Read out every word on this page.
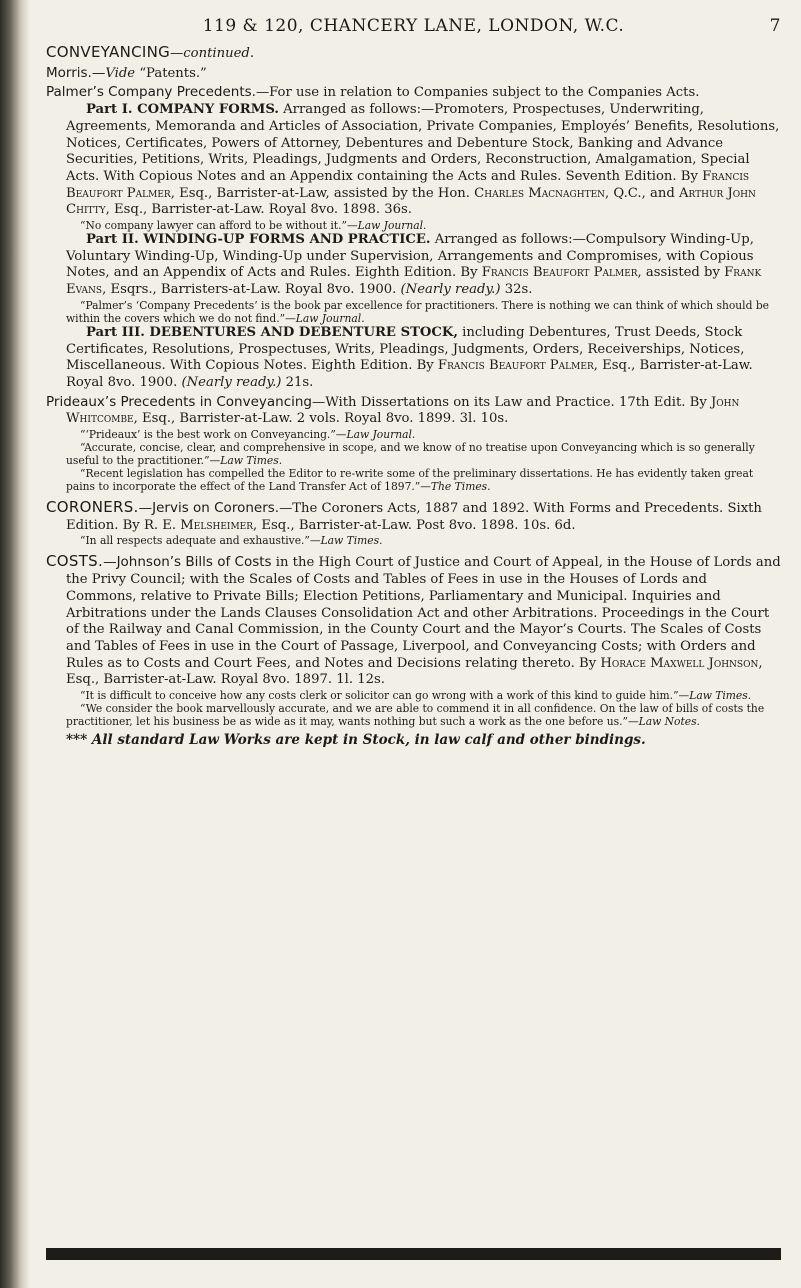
119 & 120, CHANCERY LANE, LONDON, W.C.	7

CONVEYANCING—continued.

Morris.—Vide “Patents.”

Palmer’s Company Precedents.—For use in relation to Companies subject to the Companies Acts.

Part I. COMPANY FORMS. Arranged as follows:—Promoters, Prospectuses, Underwriting, Agreements, Memoranda and Articles of Association, Private Companies, Employés’ Benefits, Resolutions, Notices, Certificates, Powers of Attorney, Debentures and Debenture Stock, Banking and Advance Securities, Petitions, Writs, Pleadings, Judgments and Orders, Reconstruction, Amalgamation, Special Acts. With Copious Notes and an Appendix containing the Acts and Rules. Seventh Edition. By Francis Beaufort Palmer, Esq., Barrister-at-Law, assisted by the Hon. Charles Macnaghten, Q.C., and Arthur John Chitty, Esq., Barrister-at-Law. Royal 8vo. 1898. 36s.

“No company lawyer can afford to be without it.”—Law Journal.

Part II. WINDING-UP FORMS AND PRACTICE. Arranged as follows:—Compulsory Winding-Up, Voluntary Winding-Up, Winding-Up under Supervision, Arrangements and Compromises, with Copious Notes, and an Appendix of Acts and Rules. Eighth Edition. By Francis Beaufort Palmer, assisted by Frank Evans, Esqrs., Barristers-at-Law. Royal 8vo. 1900. (Nearly ready.) 32s.

“Palmer’s ‘Company Precedents’ is the book par excellence for practitioners. There is nothing we can think of which should be within the covers which we do not find.”—Law Journal.

Part III. DEBENTURES AND DEBENTURE STOCK, including Debentures, Trust Deeds, Stock Certificates, Resolutions, Prospectuses, Writs, Pleadings, Judgments, Orders, Receiverships, Notices, Miscellaneous. With Copious Notes. Eighth Edition. By Francis Beaufort Palmer, Esq., Barrister-at-Law. Royal 8vo. 1900. (Nearly ready.) 21s.

Prideaux’s Precedents in Conveyancing—With Dissertations on its Law and Practice. 17th Edit. By John Whitcombe, Esq., Barrister-at-Law. 2 vols. Royal 8vo. 1899. 3l. 10s.

“‘Prideaux’ is the best work on Conveyancing.”—Law Journal.

“Accurate, concise, clear, and comprehensive in scope, and we know of no treatise upon Conveyancing which is so generally useful to the practitioner.”—Law Times.

“Recent legislation has compelled the Editor to re-write some of the preliminary dissertations. He has evidently taken great pains to incorporate the effect of the Land Transfer Act of 1897.”—The Times.

CORONERS.—Jervis on Coroners.—The Coroners Acts, 1887 and 1892. With Forms and Precedents. Sixth Edition. By R. E. Melsheimer, Esq., Barrister-at-Law. Post 8vo. 1898. 10s. 6d.

“In all respects adequate and exhaustive.”—Law Times.

COSTS.—Johnson’s Bills of Costs in the High Court of Justice and Court of Appeal, in the House of Lords and the Privy Council; with the Scales of Costs and Tables of Fees in use in the Houses of Lords and Commons, relative to Private Bills; Election Petitions, Parliamentary and Municipal. Inquiries and Arbitrations under the Lands Clauses Consolidation Act and other Arbitrations. Proceedings in the Court of the Railway and Canal Commission, in the County Court and the Mayor’s Courts. The Scales of Costs and Tables of Fees in use in the Court of Passage, Liverpool, and Conveyancing Costs; with Orders and Rules as to Costs and Court Fees, and Notes and Decisions relating thereto. By Horace Maxwell Johnson, Esq., Barrister-at-Law. Royal 8vo. 1897. 1l. 12s.

“It is difficult to conceive how any costs clerk or solicitor can go wrong with a work of this kind to guide him.”—Law Times.

“We consider the book marvellously accurate, and we are able to commend it in all confidence. On the law of bills of costs the practitioner, let his business be as wide as it may, wants nothing but such a work as the one before us.”—Law Notes.

*** All standard Law Works are kept in Stock, in law calf and other bindings.
